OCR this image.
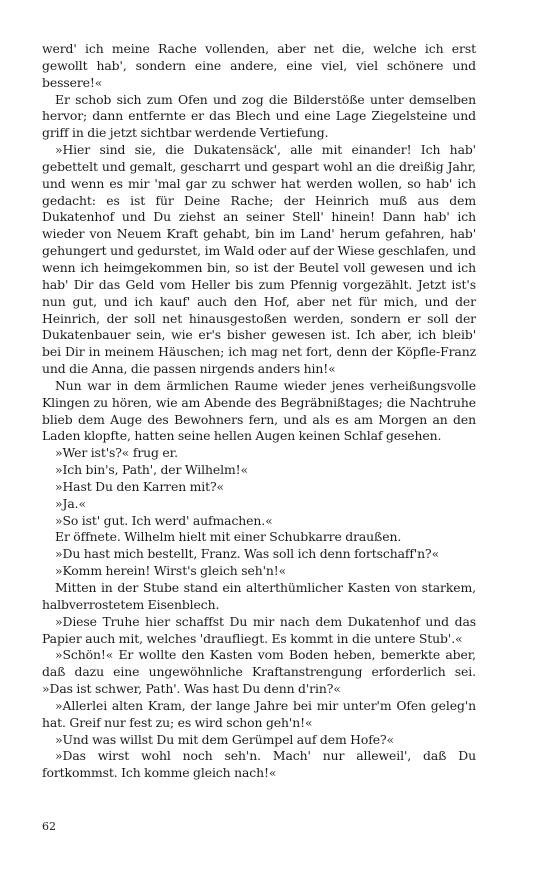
werd' ich meine Rache vollenden, aber net die, welche ich erst gewollt hab', sondern eine andere, eine viel, viel schönere und bessere!«

Er schob sich zum Ofen und zog die Bilderstöße unter demselben hervor; dann entfernte er das Blech und eine Lage Ziegelsteine und griff in die jetzt sichtbar werdende Vertiefung.

»Hier sind sie, die Dukatensäck', alle mit einander! Ich hab' gebettelt und gemalt, gescharrt und gespart wohl an die dreißig Jahr, und wenn es mir 'mal gar zu schwer hat werden wollen, so hab' ich gedacht: es ist für Deine Rache; der Heinrich muß aus dem Dukatenhof und Du ziehst an seiner Stell' hinein! Dann hab' ich wieder von Neuem Kraft gehabt, bin im Land' herum gefahren, hab' gehungert und gedurstet, im Wald oder auf der Wiese geschlafen, und wenn ich heimgekommen bin, so ist der Beutel voll gewesen und ich hab' Dir das Geld vom Heller bis zum Pfennig vorgezählt. Jetzt ist's nun gut, und ich kauf' auch den Hof, aber net für mich, und der Heinrich, der soll net hinausgestoßen werden, sondern er soll der Dukatenbauer sein, wie er's bisher gewesen ist. Ich aber, ich bleib' bei Dir in meinem Häuschen; ich mag net fort, denn der Köpfle-Franz und die Anna, die passen nirgends anders hin!«

Nun war in dem ärmlichen Raume wieder jenes verheißungsvolle Klingen zu hören, wie am Abende des Begräbnißtages; die Nachtruhe blieb dem Auge des Bewohners fern, und als es am Morgen an den Laden klopfte, hatten seine hellen Augen keinen Schlaf gesehen.

»Wer ist's?« frug er.

»Ich bin's, Path', der Wilhelm!«

»Hast Du den Karren mit?«

»Ja.«

»So ist' gut. Ich werd' aufmachen.«

Er öffnete. Wilhelm hielt mit einer Schubkarre draußen.

»Du hast mich bestellt, Franz. Was soll ich denn fortschaff'n?«

»Komm herein! Wirst's gleich seh'n!«

Mitten in der Stube stand ein alterthümlicher Kasten von starkem, halbverrostetem Eisenblech.

»Diese Truhe hier schaffst Du mir nach dem Dukatenhof und das Papier auch mit, welches 'draufliegt. Es kommt in die untere Stub'.«

»Schön!« Er wollte den Kasten vom Boden heben, bemerkte aber, daß dazu eine ungewöhnliche Kraftanstrengung erforderlich sei. »Das ist schwer, Path'. Was hast Du denn d'rin?«

»Allerlei alten Kram, der lange Jahre bei mir unter'm Ofen geleg'n hat. Greif nur fest zu; es wird schon geh'n!«

»Und was willst Du mit dem Gerümpel auf dem Hofe?«

»Das wirst wohl noch seh'n. Mach' nur alleweil', daß Du fortkommst. Ich komme gleich nach!«

62
